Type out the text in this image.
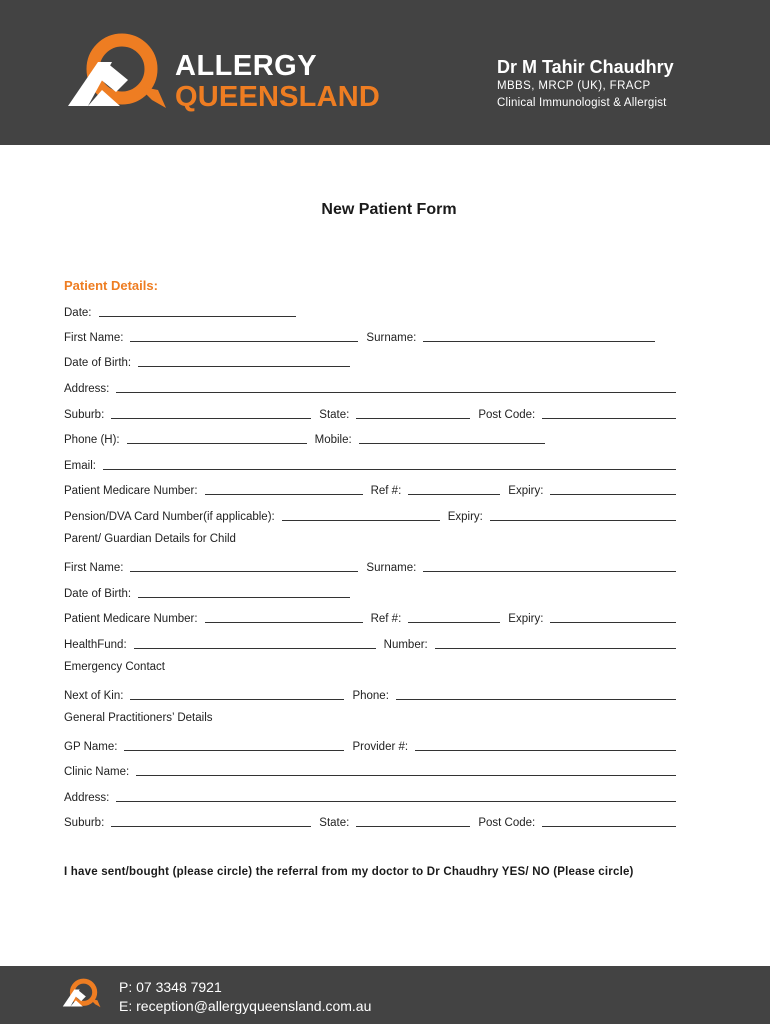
ALLERGY
QUEENSLAND
Dr M Tahir Chaudhry
MBBS, MRCP (UK), FRACP
Clinical Immunologist & Allergist
New Patient Form
Patient Details:
Date:
First Name:	Surname:
Date of Birth:
Address:
Suburb:	State:	Post Code:
Phone (H):	Mobile:
Email:
Patient Medicare Number:	Ref #:	Expiry:
Pension/DVA Card Number(if applicable):	Expiry:
Parent/ Guardian Details for Child
First Name:	Surname:
Date of Birth:
Patient Medicare Number:	Ref #:	Expiry:
HealthFund:	Number:
Emergency Contact
Next of Kin:	Phone:
General Practitioners’ Details
GP Name:	Provider #:
Clinic Name:
Address:
Suburb:	State:	Post Code:
I have sent/bought (please circle) the referral from my doctor to Dr Chaudhry YES/ NO (Please circle)
P: 07 3348 7921
E: reception@allergyqueensland.com.au
